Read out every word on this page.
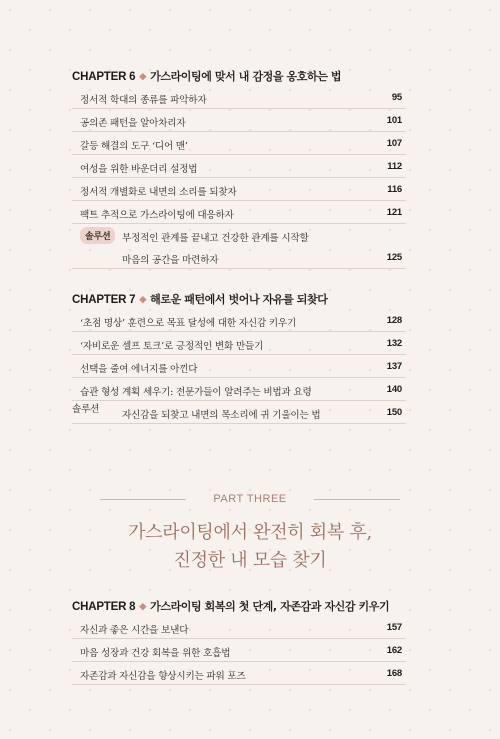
CHAPTER 6 ◆ 가스라이팅에 맞서 내 감정을 옹호하는 법
정서적 학대의 종류를 파악하자	95
공의존 패턴을 알아차리자	101
갈등 해결의 도구 ‘디어 맨’	107
여성을 위한 바운더리 설정법	112
정서적 개별화로 내면의 소리를 되찾자	116
팩트 추적으로 가스라이팅에 대응하자	121
솔루션	부정적인 관계를 끝내고 건강한 관계를 시작할
마음의 공간을 마련하자	125
CHAPTER 7 ◆ 해로운 패턴에서 벗어나 자유를 되찾다
‘초점 명상’ 훈련으로 목표 달성에 대한 자신감 키우기	128
‘자비로운 셀프 토크’로 긍정적인 변화 만들기	132
선택을 줄여 에너지를 아낀다	137
습관 형성 계획 세우기: 전문가들이 알려주는 비법과 요령	140
솔루션
자신감을 되찾고 내면의 목소리에 귀 기울이는 법	150
PART THREE
가스라이팅에서 완전히 회복 후,
진정한 내 모습 찾기
CHAPTER 8 ◆ 가스라이팅 회복의 첫 단계, 자존감과 자신감 키우기
자신과 좋은 시간을 보낸다	157
마음 성장과 건강 회복을 위한 호흡법	162
자존감과 자신감을 향상시키는 파워 포즈	168
